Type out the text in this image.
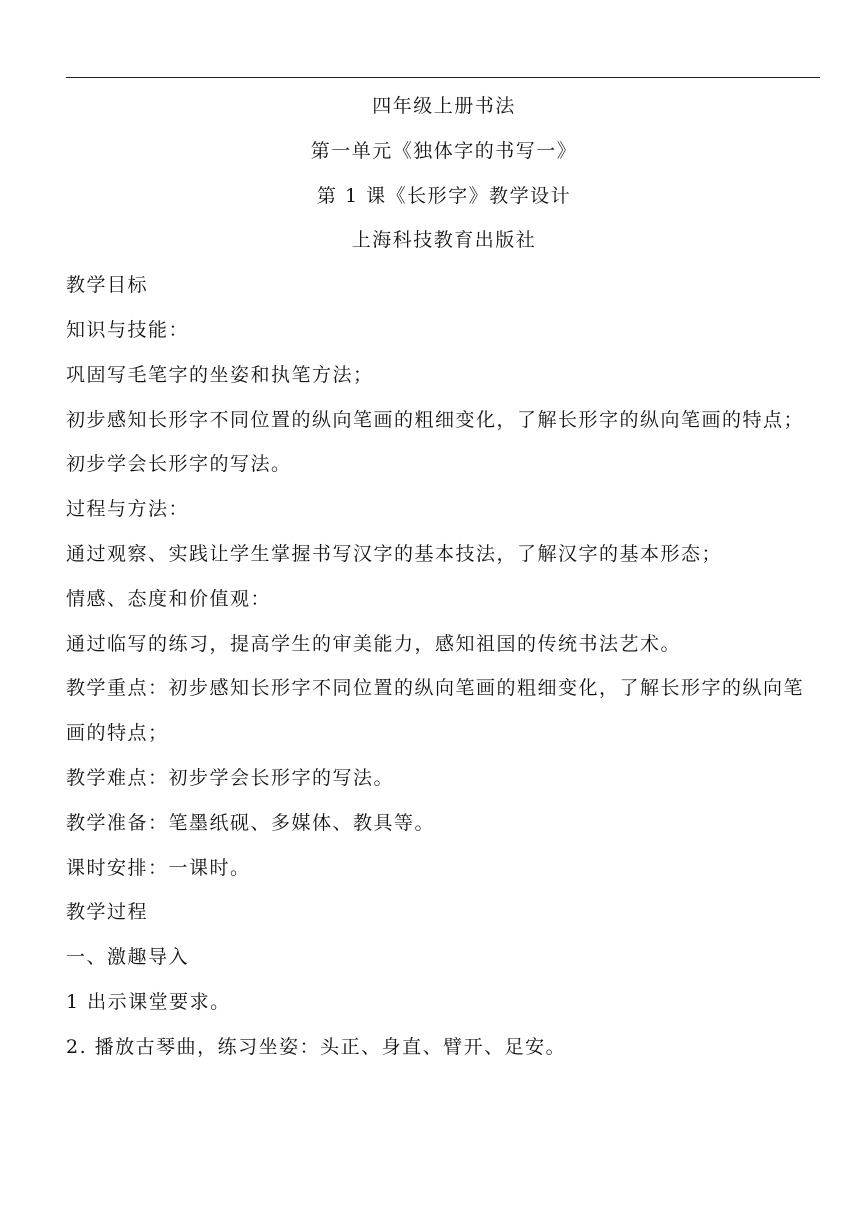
四年级上册书法
第一单元《独体字的书写一》
第 1 课《长形字》教学设计
上海科技教育出版社
教学目标
知识与技能：
巩固写毛笔字的坐姿和执笔方法；
初步感知长形字不同位置的纵向笔画的粗细变化，了解长形字的纵向笔画的特点；
初步学会长形字的写法。
过程与方法：
通过观察、实践让学生掌握书写汉字的基本技法，了解汉字的基本形态；
情感、态度和价值观：
通过临写的练习，提高学生的审美能力，感知祖国的传统书法艺术。
教学重点：初步感知长形字不同位置的纵向笔画的粗细变化，了解长形字的纵向笔画的特点；
教学难点：初步学会长形字的写法。
教学准备：笔墨纸砚、多媒体、教具等。
课时安排：一课时。
教学过程
一、激趣导入
1 出示课堂要求。
2. 播放古琴曲，练习坐姿：头正、身直、臂开、足安。
